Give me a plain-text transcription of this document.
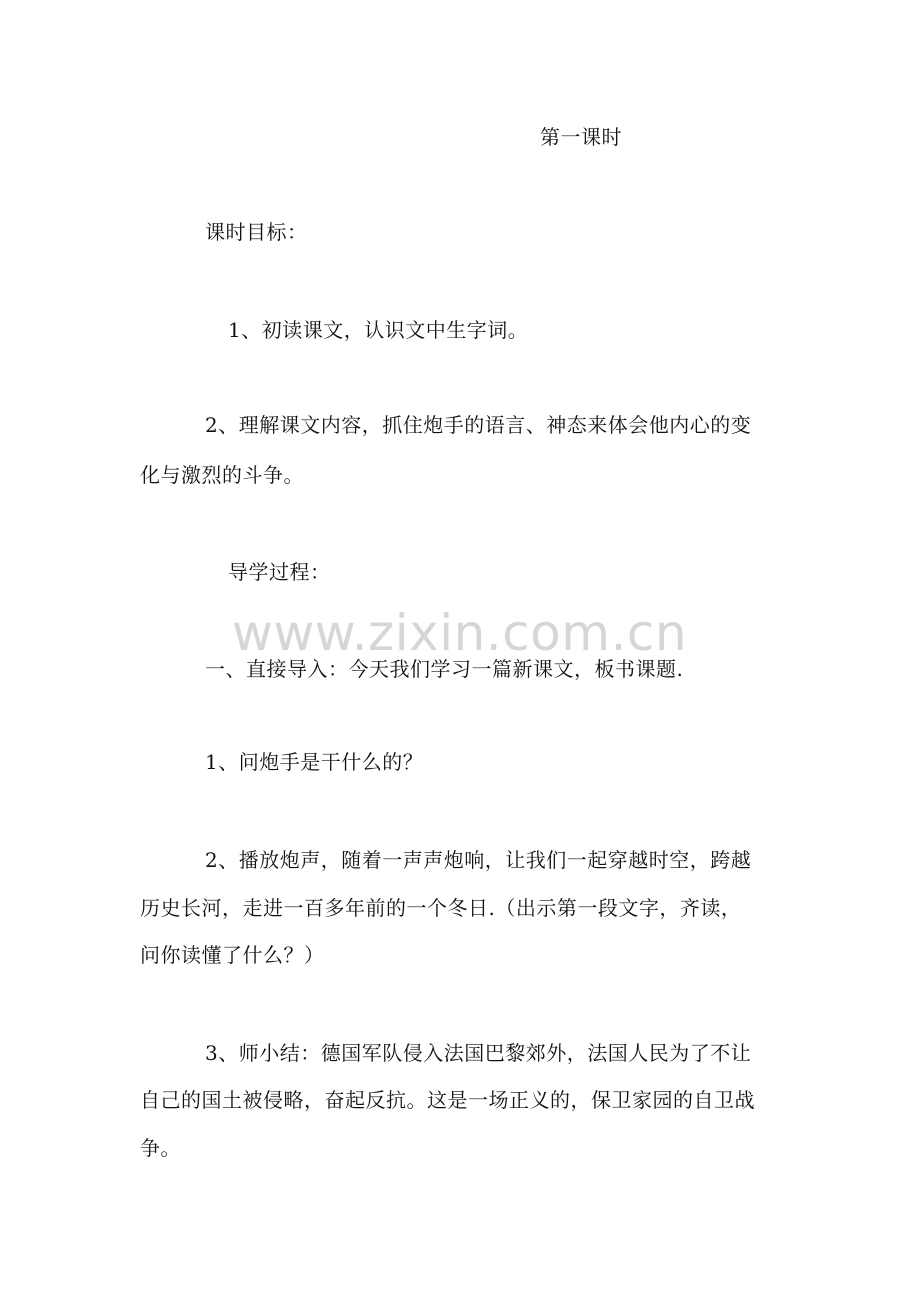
第一课时
课时目标：
1、初读课文，认识文中生字词。
2、理解课文内容，抓住炮手的语言、神态来体会他内心的变
化与激烈的斗争。
导学过程：
www.zixin.com.cn
一、直接导入：今天我们学习一篇新课文，板书课题.
1、问炮手是干什么的？
2、播放炮声，随着一声声炮响，让我们一起穿越时空，跨越
历史长河，走进一百多年前的一个冬日.（出示第一段文字，齐读，
问你读懂了什么？）
3、师小结：德国军队侵入法国巴黎郊外，法国人民为了不让
自己的国土被侵略，奋起反抗。这是一场正义的，保卫家园的自卫战
争。
